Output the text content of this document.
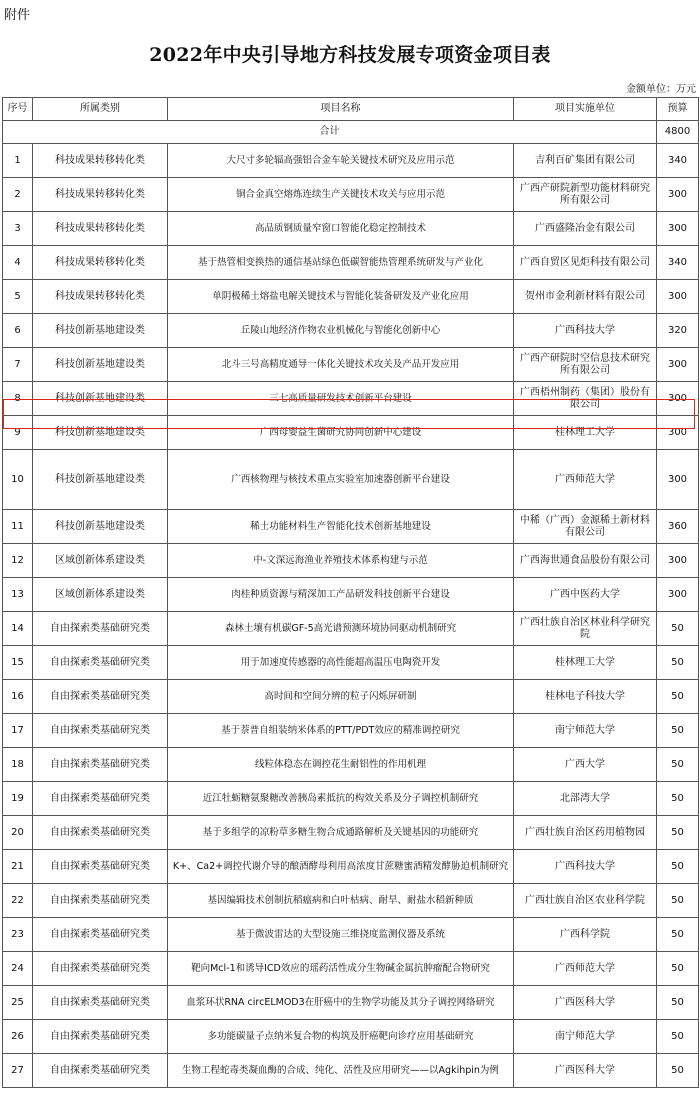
附件
2022年中央引导地方科技发展专项资金项目表
金额单位：万元
序号	所属类别	项目名称	项目实施单位	预算
合计				4800
1	科技成果转移转化类	大尺寸多轮辐高强铝合金车轮关键技术研究及应用示范	吉利百矿集团有限公司	340
2	科技成果转移转化类	铜合金真空熔炼连续生产关键技术攻关与应用示范	广西产研院新型功能材料研究所有限公司	300
3	科技成果转移转化类	高品质钢质量窄窗口智能化稳定控制技术	广西盛隆冶金有限公司	300
4	科技成果转移转化类	基于热管相变换热的通信基站绿色低碳智能热管理系统研发与产业化	广西自贸区见炬科技有限公司	340
5	科技成果转移转化类	单阴极稀土熔盐电解关键技术与智能化装备研发及产业化应用	贺州市金利新材料有限公司	300
6	科技创新基地建设类	丘陵山地经济作物农业机械化与智能化创新中心	广西科技大学	320
7	科技创新基地建设类	北斗三号高精度通导一体化关键技术攻关及产品开发应用	广西产研院时空信息技术研究所有限公司	300
8	科技创新基地建设类	三七高质量研发技术创新平台建设	广西梧州制药（集团）股份有限公司	300
9	科技创新基地建设类	广西母婴益生菌研究协同创新中心建设	桂林理工大学	300
10	科技创新基地建设类	广西核物理与核技术重点实验室加速器创新平台建设	广西师范大学	300
11	科技创新基地建设类	稀土功能材料生产智能化技术创新基地建设	中稀（广西）金源稀土新材料有限公司	360
12	区域创新体系建设类	中-文深远海渔业养殖技术体系构建与示范	广西海世通食品股份有限公司	300
13	区域创新体系建设类	肉桂种质资源与精深加工产品研发科技创新平台建设	广西中医药大学	300
14	自由探索类基础研究类	森林土壤有机碳GF-5高光谱预测环境协同驱动机制研究	广西壮族自治区林业科学研究院	50
15	自由探索类基础研究类	用于加速度传感器的高性能超高温压电陶瓷开发	桂林理工大学	50
16	自由探索类基础研究类	高时间和空间分辨的粒子闪烁屏研制	桂林电子科技大学	50
17	自由探索类基础研究类	基于萘普自组装纳米体系的PTT/PDT效应的精准调控研究	南宁师范大学	50
18	自由探索类基础研究类	线粒体稳态在调控花生耐铝性的作用机理	广西大学	50
19	自由探索类基础研究类	近江牡蛎糖氨聚糖改善胰岛素抵抗的构效关系及分子调控机制研究	北部湾大学	50
20	自由探索类基础研究类	基于多组学的凉粉草多糖生物合成通路解析及关键基因的功能研究	广西壮族自治区药用植物园	50
21	自由探索类基础研究类	K+、Ca2+调控代谢介导的酿酒酵母利用高浓度甘蔗糖蜜酒精发酵胁迫机制研究	广西科技大学	50
22	自由探索类基础研究类	基因编辑技术创制抗稻瘟病和白叶枯病、耐旱、耐盐水稻新种质	广西壮族自治区农业科学院	50
23	自由探索类基础研究类	基于微波雷达的大型设施三维挠度监测仪器及系统	广西科学院	50
24	自由探索类基础研究类	靶向Mcl-1和诱导ICD效应的瑶药活性成分生物碱金属抗肿瘤配合物研究	广西师范大学	50
25	自由探索类基础研究类	血浆环状RNA circELMOD3在肝癌中的生物学功能及其分子调控网络研究	广西医科大学	50
26	自由探索类基础研究类	多功能碳量子点纳米复合物的构筑及肝癌靶向诊疗应用基础研究	南宁师范大学	50
27	自由探索类基础研究类	生物工程蛇毒类凝血酶的合成、纯化、活性及应用研究——以Agkihpin为例	广西医科大学	50
